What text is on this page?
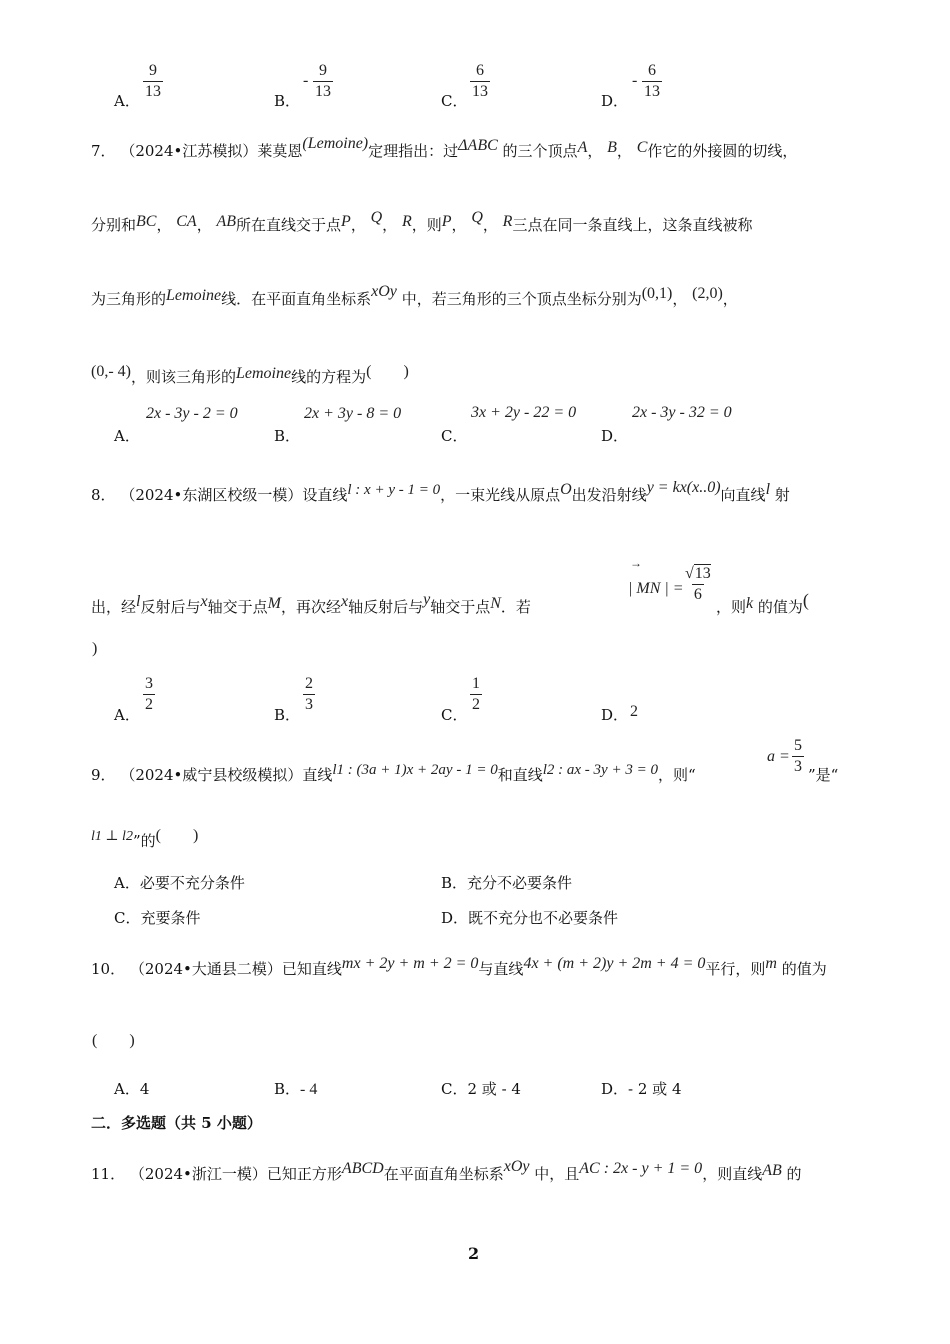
A．
$\frac{9}{13}$
B．
- $\frac{9}{13}$
C．
$\frac{6}{13}$
D．
- $\frac{6}{13}$
7． （2024•江苏模拟）莱莫恩(Lemoine)定理指出：过ΔABC 的三个顶点A， B， C作它的外接圆的切线，
分别和BC， CA， AB所在直线交于点P， Q， R，则P， Q， R三点在同一条直线上，这条直线被称
为三角形的Lemoine线．在平面直角坐标系xOy 中，若三角形的三个顶点坐标分别为(0,1)， (2,0)，
(0,- 4)，则该三角形的Lemoine线的方程为(　　)
A．
2x - 3y - 2 = 0
B．
2x + 3y - 8 = 0
C．
3x + 2y - 22 = 0
D．
2x - 3y - 32 = 0
8． （2024•东湖区校级一模）设直线l : x + y - 1 = 0，一束光线从原点O出发沿射线y = kx(x..0)向直线l 射
出，经l反射后与x轴交于点M，再次经x轴反射后与y轴交于点N．若
| MN | =
→
$\frac{√13}{6}$
，则k 的值为(
)
A．
$\frac{3}{2}$
B．
$\frac{2}{3}$
C．
$\frac{1}{2}$
D． 2
9． （2024•威宁县校级模拟）直线l1 : (3a + 1)x + 2ay - 1 = 0和直线l2 : ax - 3y + 3 = 0，则“
$a = \frac{5}{3}$ ”是“
l1 ⊥ l2”的(　　)
A．必要不充分条件	B．充分不必要条件
C．充要条件	D．既不充分也不必要条件
10． （2024•大通县二模）已知直线mx + 2y + m + 2 = 0与直线4x + (m + 2)y + 2m + 4 = 0平行，则m 的值为
(　　)
A．4	B．- 4	C．2 或 - 4	D．- 2 或 4
二．多选题（共 5 小题）
11． （2024•浙江一模）已知正方形ABCD在平面直角坐标系xOy 中，且AC : 2x - y + 1 = 0，则直线AB 的
2
